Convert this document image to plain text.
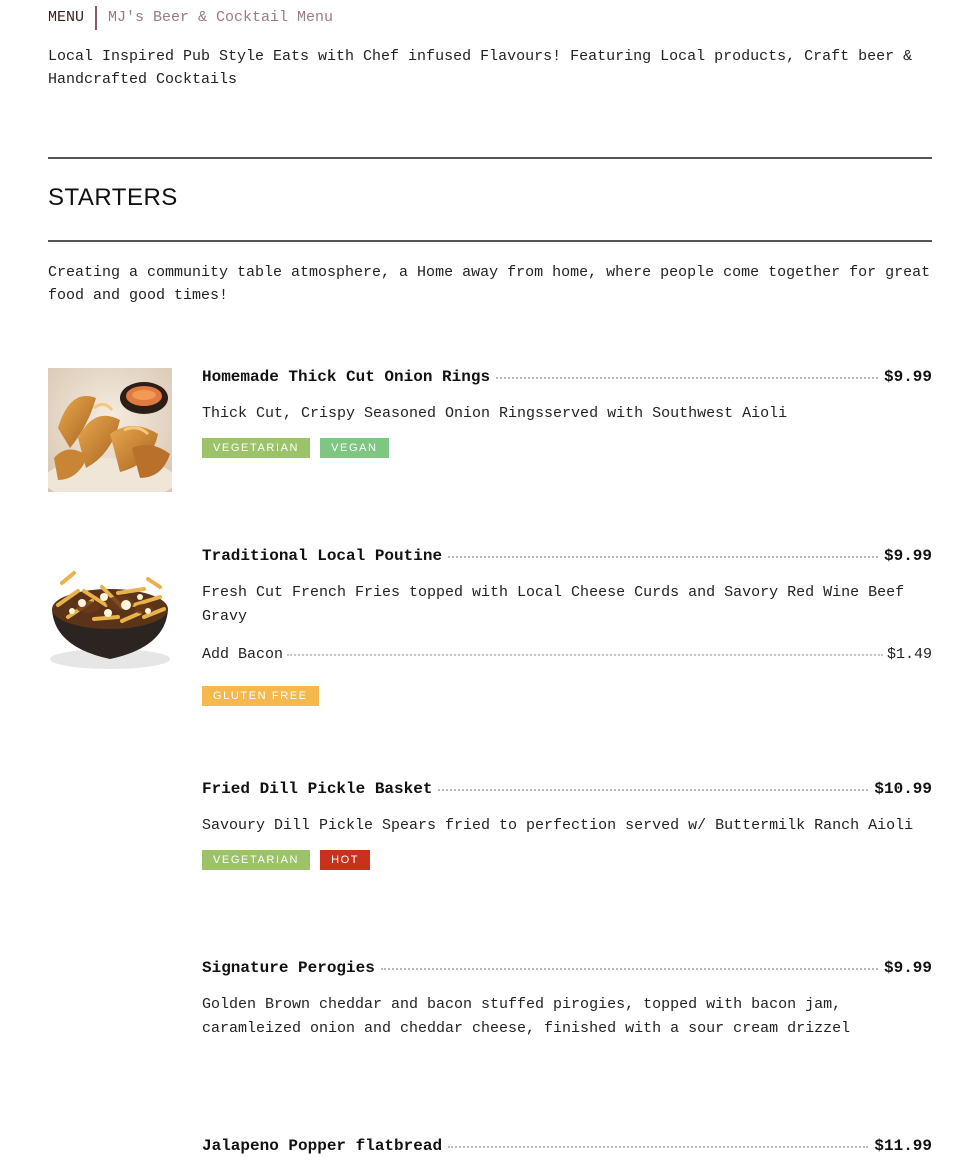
MENU	MJ's Beer & Cocktail Menu
Local Inspired Pub Style Eats with Chef infused Flavours! Featuring Local products, Craft beer & Handcrafted Cocktails
STARTERS
Creating a community table atmosphere, a Home away from home, where people come together for great food and good times!
Homemade Thick Cut Onion Rings	$9.99
Thick Cut, Crispy Seasoned Onion Ringsserved with Southwest Aioli
VEGETARIAN	VEGAN
Traditional Local Poutine	$9.99
Fresh Cut French Fries topped with Local Cheese Curds and Savory Red Wine Beef Gravy
Add Bacon	$1.49
GLUTEN FREE
Fried Dill Pickle Basket	$10.99
Savoury Dill Pickle Spears fried to perfection served w/ Buttermilk Ranch Aioli
VEGETARIAN	HOT
Signature Perogies	$9.99
Golden Brown cheddar and bacon stuffed pirogies, topped with bacon jam, caramleized onion and cheddar cheese, finished with a sour cream drizzel
Jalapeno Popper flatbread	$11.99
